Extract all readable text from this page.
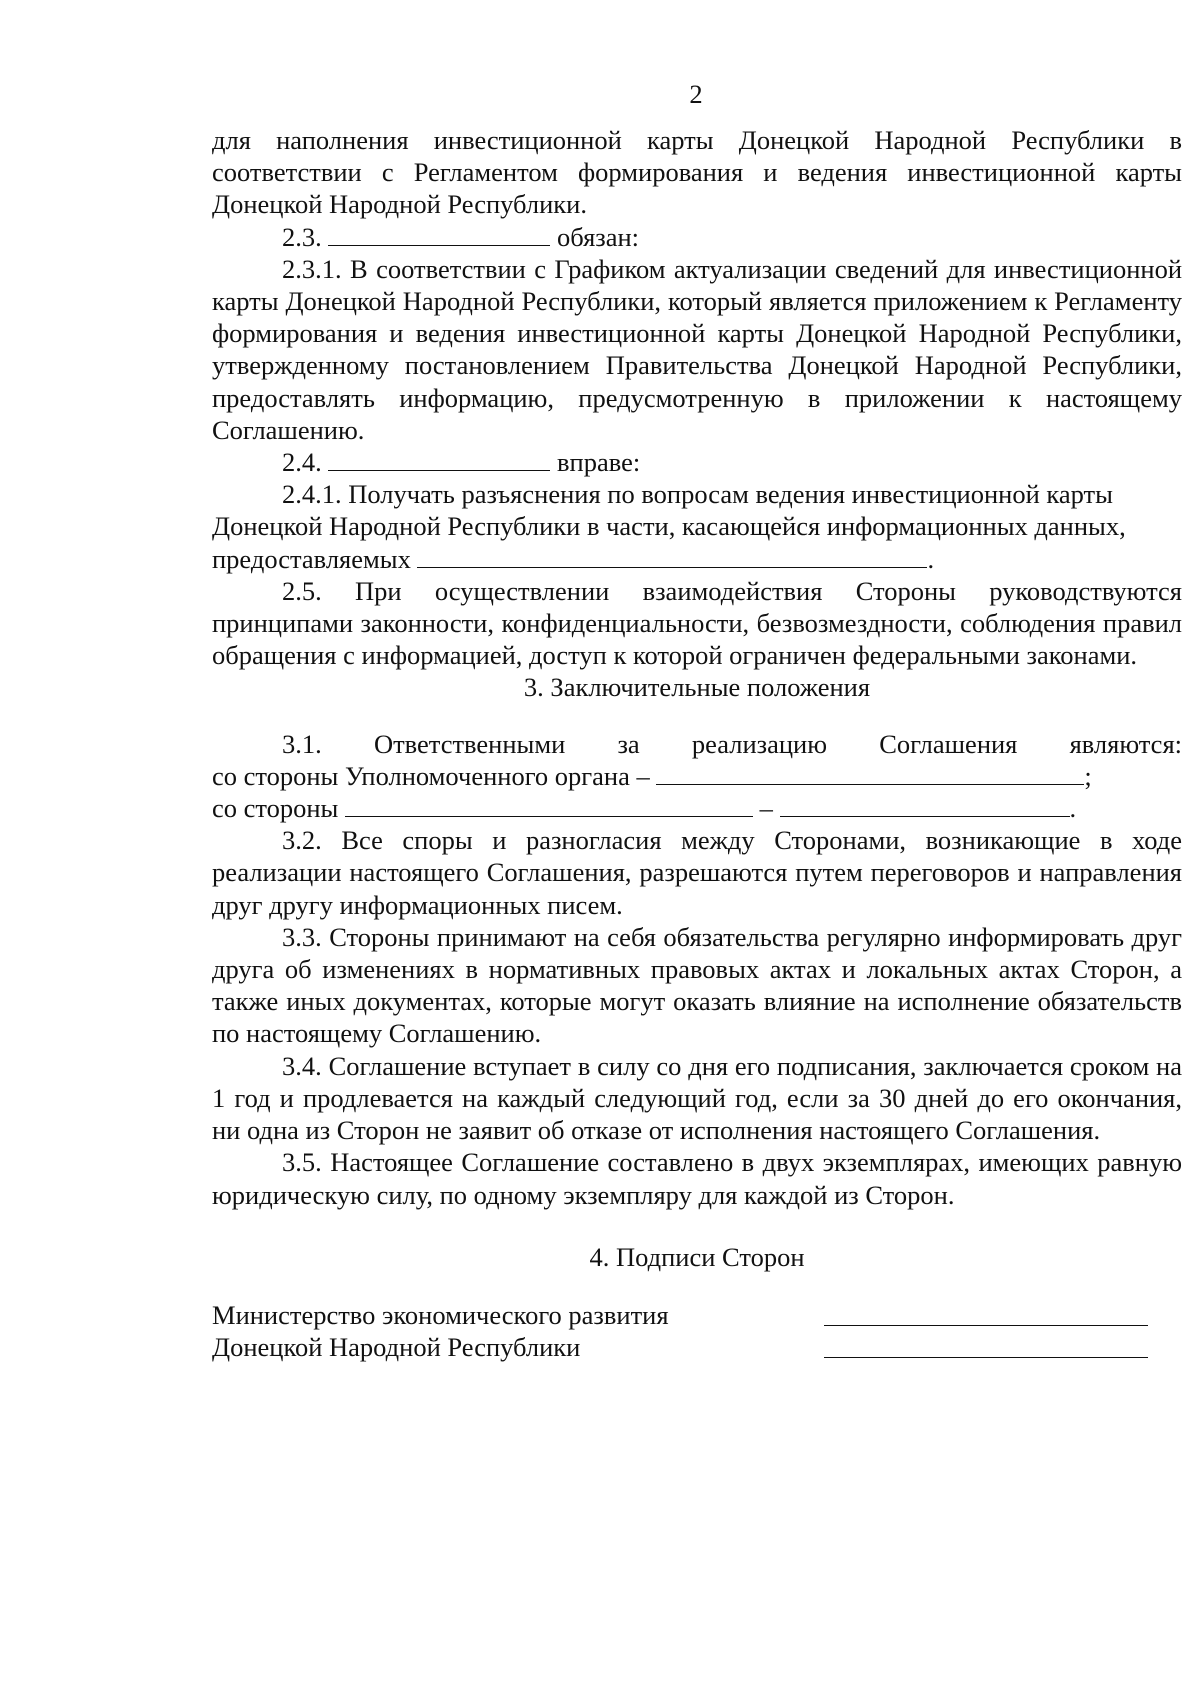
2

для наполнения инвестиционной карты Донецкой Народной Республики в соответствии с Регламентом формирования и ведения инвестиционной карты Донецкой Народной Республики.

2.3.	обязан:

2.3.1. В соответствии с Графиком актуализации сведений для инвестиционной карты Донецкой Народной Республики, который является приложением к Регламенту формирования и ведения инвестиционной карты Донецкой Народной Республики, утвержденному постановлением Правительства Донецкой Народной Республики, предоставлять информацию, предусмотренную в приложении к настоящему Соглашению.

2.4.	вправе:

2.4.1. Получать разъяснения по вопросам ведения инвестиционной карты Донецкой Народной Республики в части, касающейся информационных данных, предоставляемых	.

2.5. При осуществлении взаимодействия Стороны руководствуются принципами законности, конфиденциальности, безвозмездности, соблюдения правил обращения с информацией, доступ к которой ограничен федеральными законами.

3. Заключительные положения

3.1. Ответственными за реализацию Соглашения являются:

со стороны Уполномоченного органа –	;

со стороны	–	.

3.2. Все споры и разногласия между Сторонами, возникающие в ходе реализации настоящего Соглашения, разрешаются путем переговоров и направления друг другу информационных писем.

3.3. Стороны принимают на себя обязательства регулярно информировать друг друга об изменениях в нормативных правовых актах и локальных актах Сторон, а также иных документах, которые могут оказать влияние на исполнение обязательств по настоящему Соглашению.

3.4. Соглашение вступает в силу со дня его подписания, заключается сроком на 1 год и продлевается на каждый следующий год, если за 30 дней до его окончания, ни одна из Сторон не заявит об отказе от исполнения настоящего Соглашения.

3.5. Настоящее Соглашение составлено в двух экземплярах, имеющих равную юридическую силу, по одному экземпляру для каждой из Сторон.

4. Подписи Сторон

Министерство экономического развития
Донецкой Народной Республики
